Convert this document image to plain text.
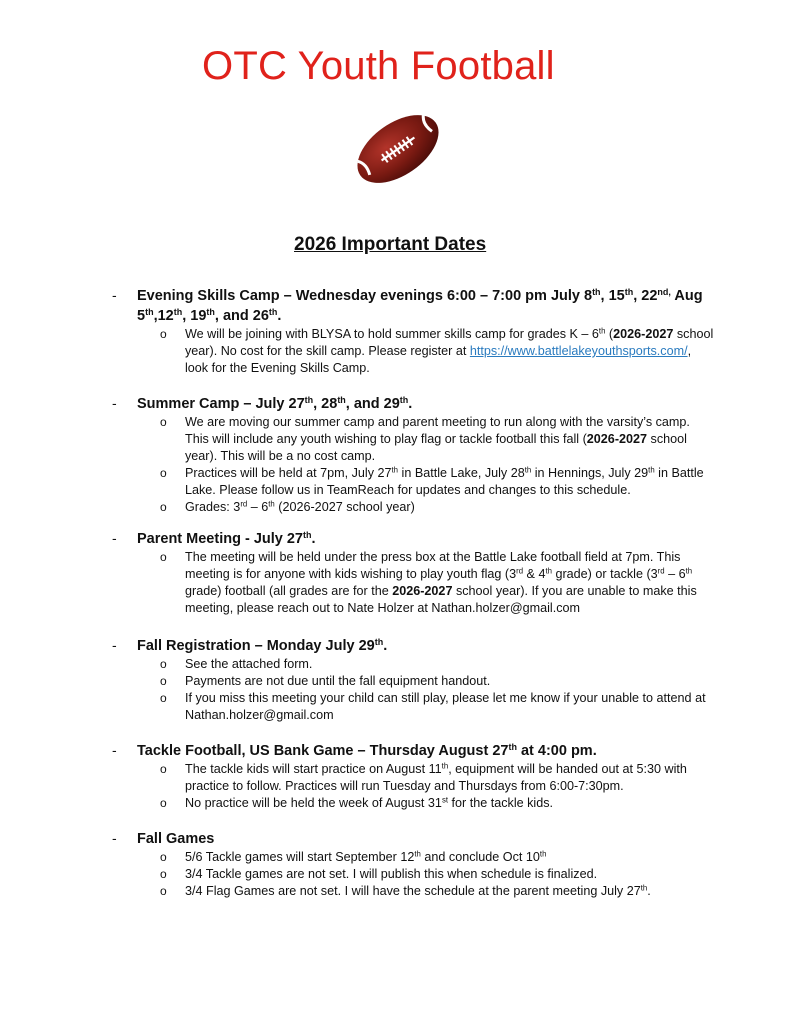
OTC Youth Football
2026 Important Dates
- Evening Skills Camp – Wednesday evenings 6:00 – 7:00 pm July 8th, 15th, $22^{nd,}$ Aug 5th,12th, 19th, and 26th.
o We will be joining with BLYSA to hold summer skills camp for grades K – 6th (2026-2027 school year). No cost for the skill camp. Please register at https://www.battlelakeyouthsports.com/, look for the Evening Skills Camp.
- Summer Camp – July 27th, 28th, and 29th.
o We are moving our summer camp and parent meeting to run along with the varsity’s camp. This will include any youth wishing to play flag or tackle football this fall (2026-2027 school year). This will be a no cost camp.
o Practices will be held at 7pm, July 27th in Battle Lake, July 28th in Hennings, July 29th in Battle Lake. Please follow us in TeamReach for updates and changes to this schedule.
o Grades: 3rd – 6th (2026-2027 school year)
- Parent Meeting - July 27th.
o The meeting will be held under the press box at the Battle Lake football field at 7pm. This meeting is for anyone with kids wishing to play youth flag (3rd & 4th grade) or tackle (3rd – 6th grade) football (all grades are for the 2026-2027 school year). If you are unable to make this meeting, please reach out to Nate Holzer at Nathan.holzer@gmail.com
- Fall Registration – Monday July 29th.
o See the attached form.
o Payments are not due until the fall equipment handout.
o If you miss this meeting your child can still play, please let me know if your unable to attend at Nathan.holzer@gmail.com
- Tackle Football, US Bank Game – Thursday August 27th at 4:00 pm.
o The tackle kids will start practice on August 11th, equipment will be handed out at 5:30 with practice to follow. Practices will run Tuesday and Thursdays from 6:00-7:30pm.
o No practice will be held the week of August 31st for the tackle kids.
- Fall Games
o 5/6 Tackle games will start September 12th and conclude Oct 10th
o 3/4 Tackle games are not set. I will publish this when schedule is finalized.
o 3/4 Flag Games are not set. I will have the schedule at the parent meeting July 27th.
